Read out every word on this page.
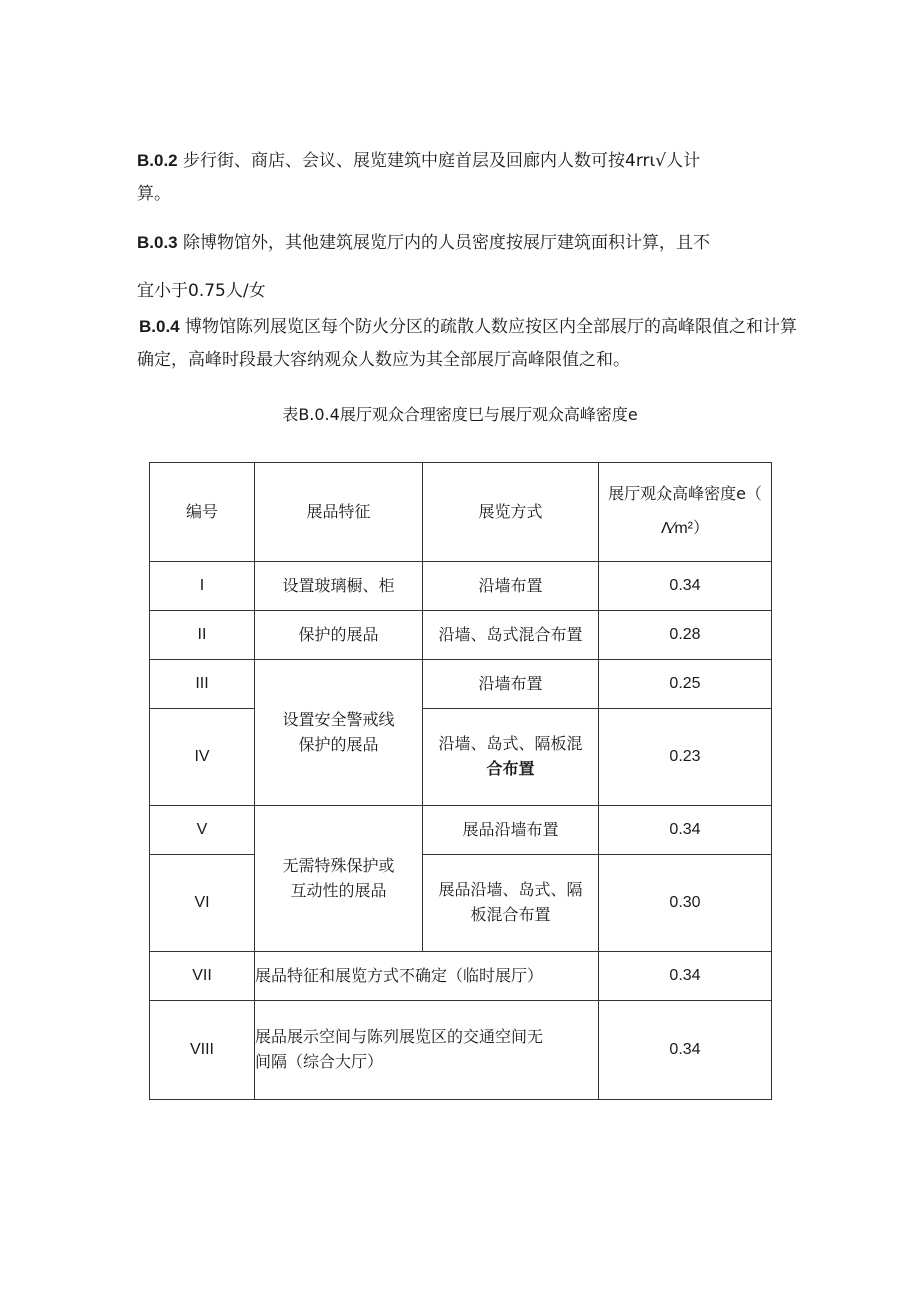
B.0.2 步行街、商店、会议、展览建筑中庭首层及回廊内人数可按4rrι√人计
算。
B.0.3 除博物馆外，其他建筑展览厅内的人员密度按展厅建筑面积计算，且不
宜小于0.75人/女
B.0.4 博物馆陈列展览区每个防火分区的疏散人数应按区内全部展厅的高峰限值之和计算
确定，高峰时段最大容纳观众人数应为其全部展厅高峰限值之和。
表B.0.4展厅观众合理密度巳与展厅观众高峰密度e
编号	展品特征	展览方式	展厅观众高峰密度e（
Λ∕m²）
I	设置玻璃橱、柜	沿墙布置	0.34
II	保护的展品	沿墙、岛式混合布置	0.28
III	设置安全警戒线
保护的展品	沿墙布置	0.25
IV		沿墙、岛式、隔板混
合布置	0.23
V	无需特殊保护或
互动性的展品	展品沿墙布置	0.34
VI		展品沿墙、岛式、隔
板混合布置	0.30
VII	展品特征和展览方式不确定（临时展厅）		0.34
VIII	展品展示空间与陈列展览区的交通空间无
间隔（综合大厅）		0.34
